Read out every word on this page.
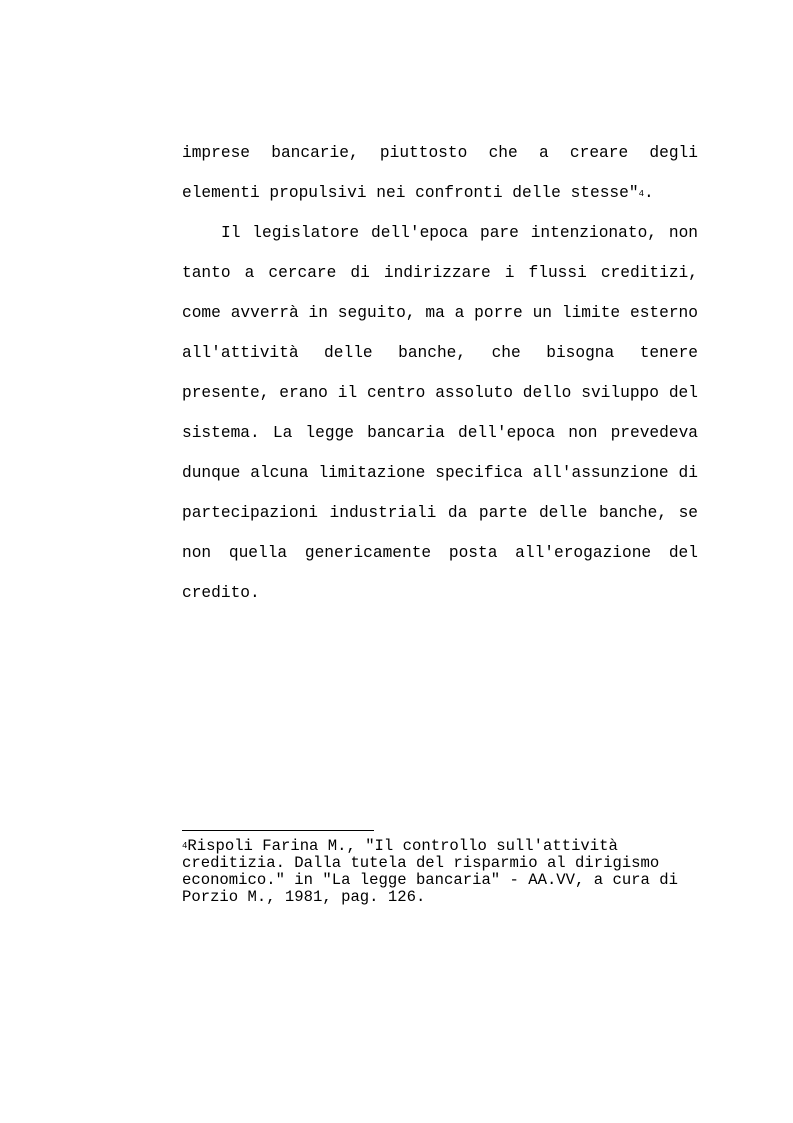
imprese bancarie, piuttosto che a creare degli
elementi propulsivi nei confronti delle stesse"$^4$.
Il legislatore dell'epoca pare intenzionato, non
tanto a cercare di indirizzare i flussi creditizi,
come avverrà in seguito, ma a porre un limite esterno
all'attività delle banche, che bisogna tenere
presente, erano il centro assoluto dello sviluppo del
sistema. La legge bancaria dell'epoca non prevedeva
dunque alcuna limitazione specifica all'assunzione di
partecipazioni industriali da parte delle banche, se
non quella genericamente posta all'erogazione del
credito.
$^4$Rispoli Farina M., "Il controllo sull'attività
creditizia. Dalla tutela del risparmio al dirigismo
economico." in "La legge bancaria" - AA.VV, a cura di
Porzio M., 1981, pag. 126.
